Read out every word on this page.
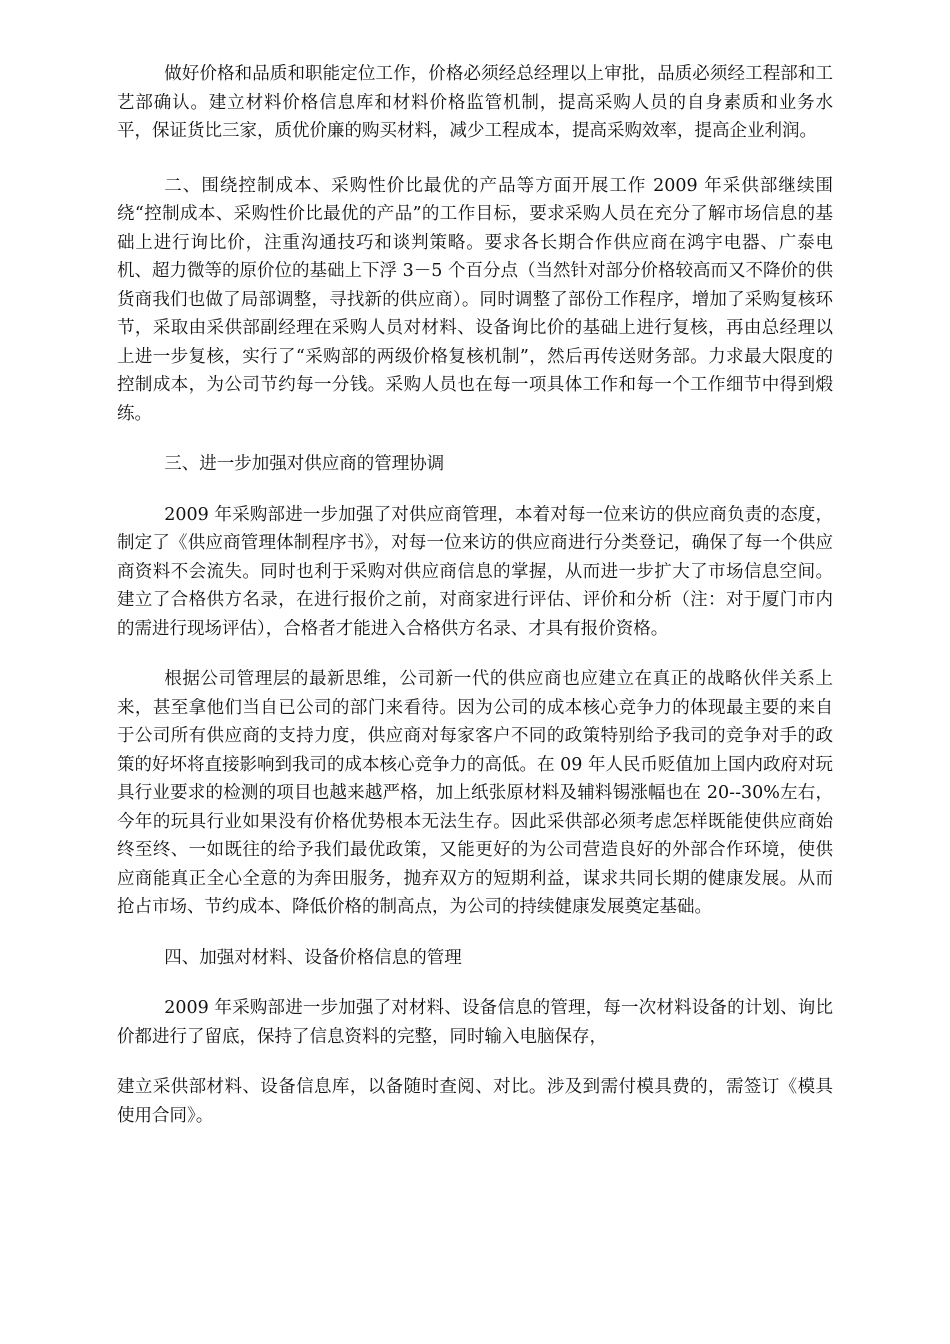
做好价格和品质和职能定位工作，价格必须经总经理以上审批，品质必须经工程部和工艺部确认。建立材料价格信息库和材料价格监管机制，提高采购人员的自身素质和业务水平，保证货比三家，质优价廉的购买材料，减少工程成本，提高采购效率，提高企业利润。

二、围绕控制成本、采购性价比最优的产品等方面开展工作 2009 年采供部继续围绕“控制成本、采购性价比最优的产品”的工作目标，要求采购人员在充分了解市场信息的基础上进行询比价，注重沟通技巧和谈判策略。要求各长期合作供应商在鸿宇电器、广泰电机、超力微等的原价位的基础上下浮 3－5 个百分点（当然针对部分价格较高而又不降价的供货商我们也做了局部调整，寻找新的供应商）。同时调整了部份工作程序，增加了采购复核环节，采取由采供部副经理在采购人员对材料、设备询比价的基础上进行复核，再由总经理以上进一步复核，实行了“采购部的两级价格复核机制”，然后再传送财务部。力求最大限度的控制成本，为公司节约每一分钱。采购人员也在每一项具体工作和每一个工作细节中得到煅练。

三、进一步加强对供应商的管理协调

2009 年采购部进一步加强了对供应商管理，本着对每一位来访的供应商负责的态度，制定了《供应商管理体制程序书》，对每一位来访的供应商进行分类登记，确保了每一个供应商资料不会流失。同时也利于采购对供应商信息的掌握，从而进一步扩大了市场信息空间。建立了合格供方名录，在进行报价之前，对商家进行评估、评价和分析（注：对于厦门市内的需进行现场评估），合格者才能进入合格供方名录、才具有报价资格。

根据公司管理层的最新思维，公司新一代的供应商也应建立在真正的战略伙伴关系上来，甚至拿他们当自已公司的部门来看待。因为公司的成本核心竞争力的体现最主要的来自于公司所有供应商的支持力度，供应商对每家客户不同的政策特别给予我司的竞争对手的政策的好坏将直接影响到我司的成本核心竞争力的高低。在 09 年人民币贬值加上国内政府对玩具行业要求的检测的项目也越来越严格，加上纸张原材料及辅料锡涨幅也在 20--30%左右，今年的玩具行业如果没有价格优势根本无法生存。因此采供部必须考虑怎样既能使供应商始终至终、一如既往的给予我们最优政策，又能更好的为公司营造良好的外部合作环境，使供应商能真正全心全意的为奔田服务，抛弃双方的短期利益，谋求共同长期的健康发展。从而抢占市场、节约成本、降低价格的制高点，为公司的持续健康发展奠定基础。

四、加强对材料、设备价格信息的管理

2009 年采购部进一步加强了对材料、设备信息的管理，每一次材料设备的计划、询比价都进行了留底，保持了信息资料的完整，同时输入电脑保存，

建立采供部材料、设备信息库，以备随时查阅、对比。涉及到需付模具费的，需签订《模具使用合同》。
